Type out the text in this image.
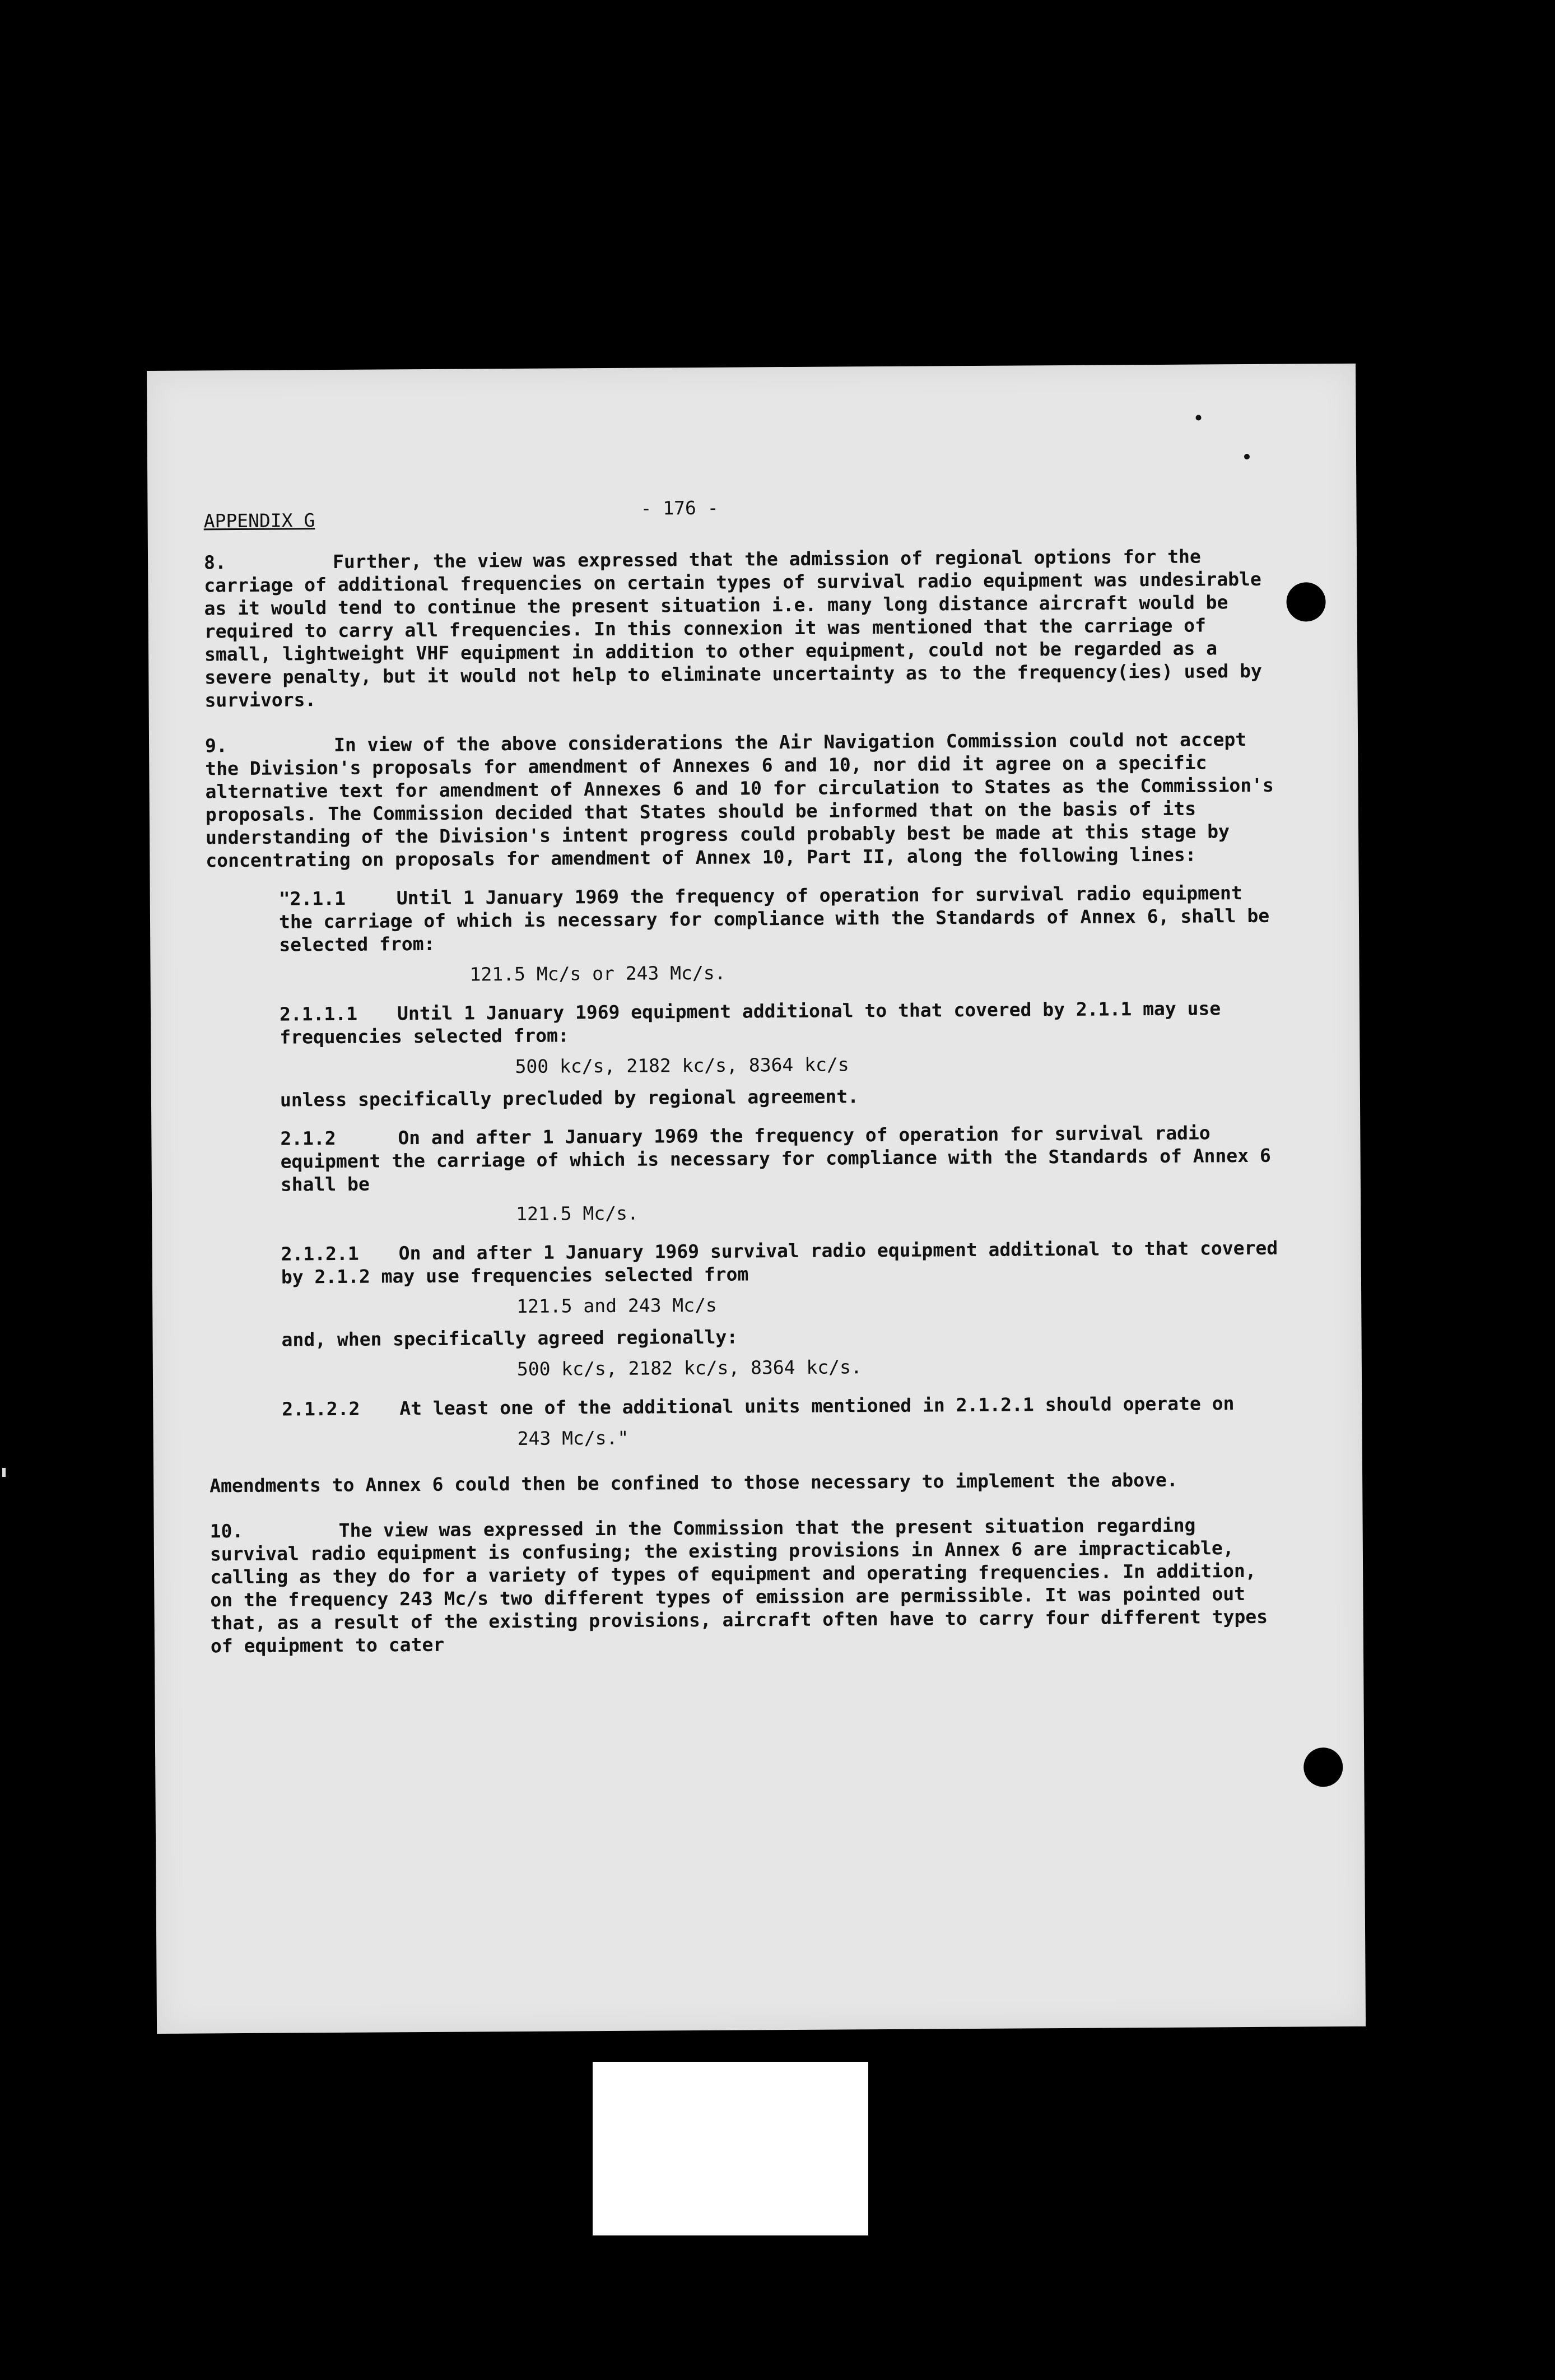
APPENDIX G
- 176 -

8.	Further, the view was expressed that the admission of regional options for the carriage of additional frequencies on certain types of survival radio equipment was undesirable as it would tend to continue the present situation i.e. many long distance aircraft would be required to carry all frequencies. In this connexion it was mentioned that the carriage of small, lightweight VHF equipment in addition to other equipment, could not be regarded as a severe penalty, but it would not help to eliminate uncertainty as to the frequency(ies) used by survivors.

9.	In view of the above considerations the Air Navigation Commission could not accept the Division's proposals for amendment of Annexes 6 and 10, nor did it agree on a specific alternative text for amendment of Annexes 6 and 10 for circulation to States as the Commission's proposals. The Commission decided that States should be informed that on the basis of its understanding of the Division's intent progress could probably best be made at this stage by concentrating on proposals for amendment of Annex 10, Part II, along the following lines:

"2.1.1	Until 1 January 1969 the frequency of operation for survival radio equipment the carriage of which is necessary for compliance with the Standards of Annex 6, shall be selected from:

121.5 Mc/s or 243 Mc/s.

2.1.1.1 Until 1 January 1969 equipment additional to that covered by 2.1.1 may use frequencies selected from:

500 kc/s, 2182 kc/s, 8364 kc/s

unless specifically precluded by regional agreement.

2.1.2	On and after 1 January 1969 the frequency of operation for survival radio equipment the carriage of which is necessary for compliance with the Standards of Annex 6 shall be

121.5 Mc/s.

2.1.2.1 On and after 1 January 1969 survival radio equipment additional to that covered by 2.1.2 may use frequencies selected from

121.5 and 243 Mc/s

and, when specifically agreed regionally:

500 kc/s, 2182 kc/s, 8364 kc/s.

2.1.2.2 At least one of the additional units mentioned in 2.1.2.1 should operate on

243 Mc/s."

Amendments to Annex 6 could then be confined to those necessary to implement the above.

10.	The view was expressed in the Commission that the present situation regarding survival radio equipment is confusing; the existing provisions in Annex 6 are impracticable, calling as they do for a variety of types of equipment and operating frequencies. In addition, on the frequency 243 Mc/s two different types of emission are permissible. It was pointed out that, as a result of the existing provisions, aircraft often have to carry four different types of equipment to cater
